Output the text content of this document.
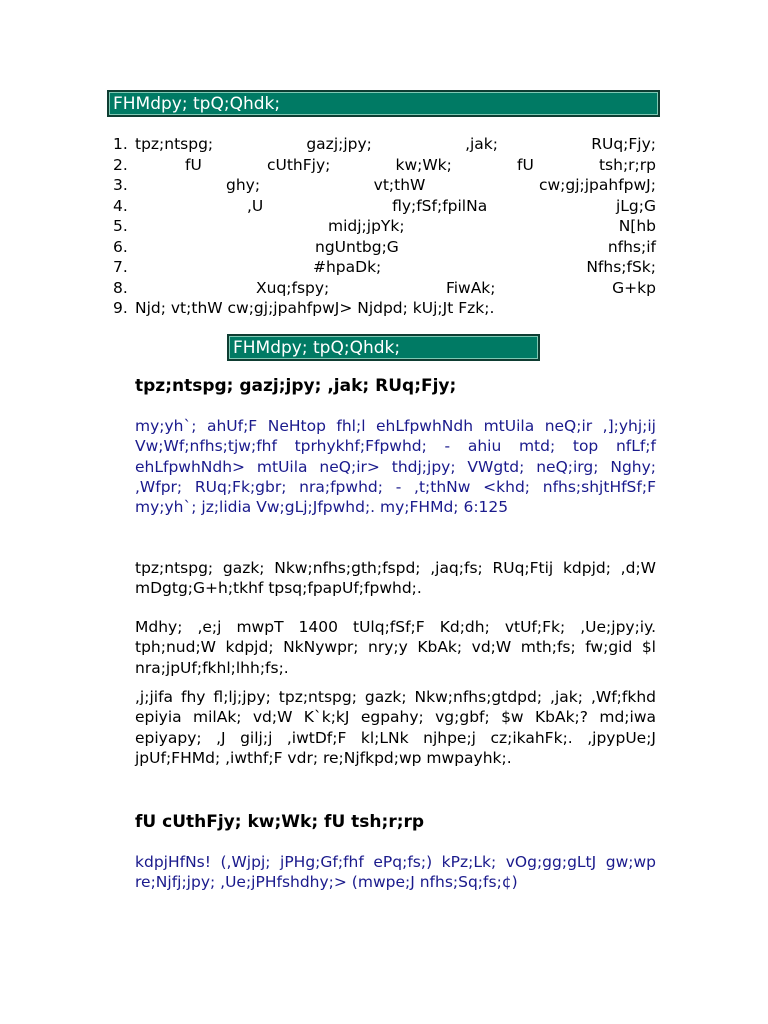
FHMdpy; tpQ;Qhdk;
1. tpz;ntspg;	gazj;jpy;	,jak;	RUq;Fjy;
2.	fU	cUthFjy;	kw;Wk;	fU	tsh;r;rp
3.	ghy;	vt;thW	cw;gj;jpahfpwJ;
4.	,U	fly;fSf;fpilNa	jLg;G
5.	midj;jpYk;	N[hb
6.	ngUntbg;G	nfhs;if
7.	#hpaDk;	Nfhs;fSk;
8.	Xuq;fspy;	FiwAk;	G+kp
9. Njd; vt;thW cw;gj;jpahfpwJ> Njdpd; kUj;Jt Fzk;.
FHMdpy; tpQ;Qhdk;
tpz;ntspg; gazj;jpy; ,jak; RUq;Fjy;

my;yh`; ahUf;F NeHtop fhl;l ehLfpwhNdh mtUila neQ;ir ,];yhj;ij Vw;Wf;nfhs;tjw;fhf tprhykhf;Ffpwhd; - ahiu mtd; top nfLf;f ehLfpwhNdh> mtUila neQ;ir> thdj;jpy; VWgtd; neQ;irg; Nghy; ,Wfpr; RUq;Fk;gbr; nra;fpwhd; - ,t;thNw <khd; nfhs;shjtHfSf;F my;yh`; jz;lidia Vw;gLj;Jfpwhd;. my;FHMd; 6:125

tpz;ntspg; gazk; Nkw;nfhs;gth;fspd; ,jaq;fs; RUq;Ftij kdpjd; ,d;W mDgtg;G+h;tkhf tpsq;fpapUf;fpwhd;.

Mdhy; ,e;j mwpT 1400 tUlq;fSf;F Kd;dh; vtUf;Fk; ,Ue;jpy;iy. tph;nud;W kdpjd; NkNywpr; nry;y KbAk; vd;W mth;fs; fw;gid $l nra;jpUf;fkhl;lhh;fs;.

,j;jifa fhy fl;lj;jpy; tpz;ntspg; gazk; Nkw;nfhs;gtdpd; ,jak; ,Wf;fkhd epiyia milAk; vd;W K`k;kJ egpahy; vg;gbf; $w KbAk;? md;iwa epiyapy; ,J gilj;j ,iwtDf;F kl;LNk njhpe;j cz;ikahFk;. ,jpypUe;J jpUf;FHMd; ,iwthf;F vdr; re;Njfkpd;wp mwpayhk;.

fU cUthFjy; kw;Wk; fU tsh;r;rp

kdpjHfNs! (,Wjpj; jPHg;Gf;fhf ePq;fs;) kPz;Lk; vOg;gg;gLtJ gw;wp re;Njfj;jpy; ,Ue;jPHfshdhy;> (mwpe;J nfhs;Sq;fs;¢)
